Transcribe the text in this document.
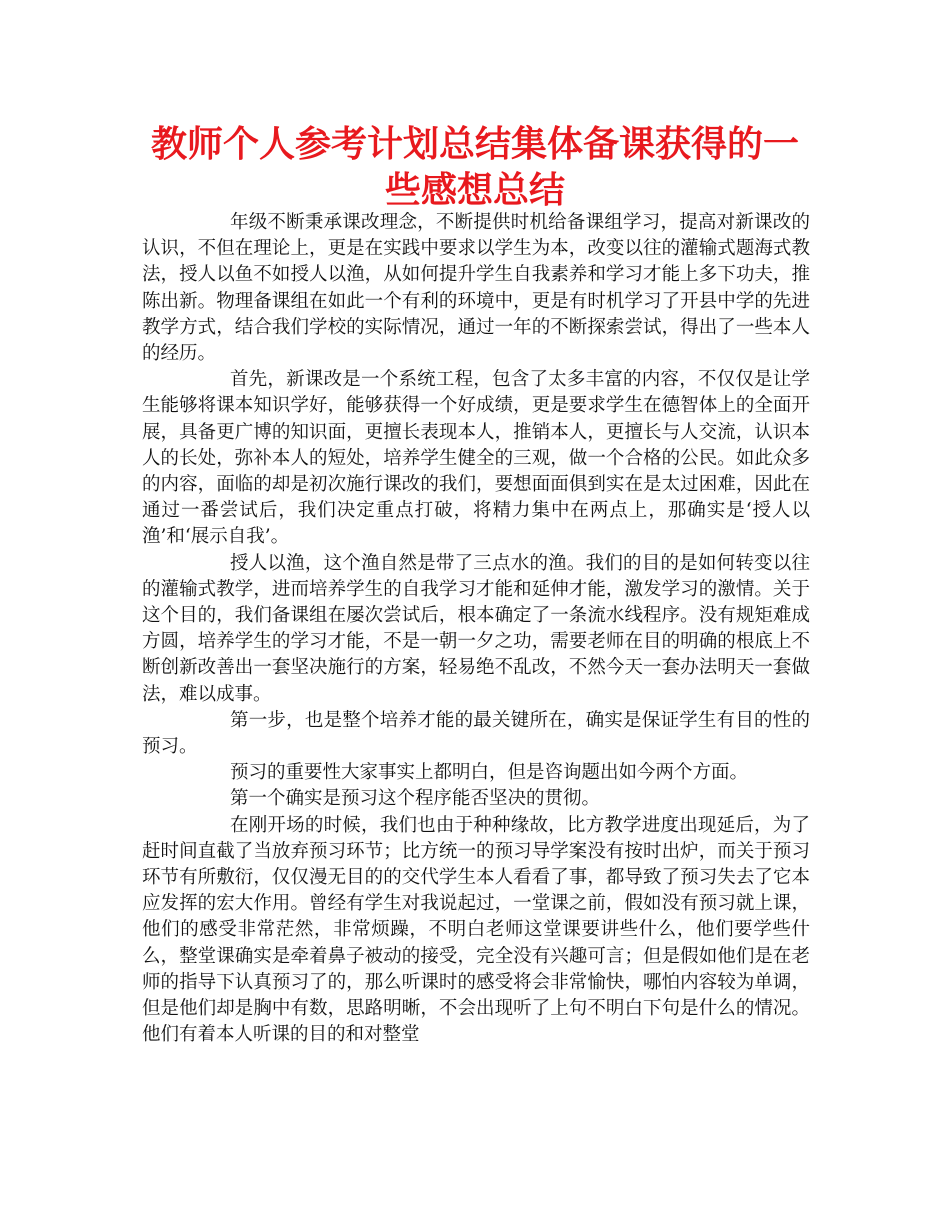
教师个人参考计划总结集体备课获得的一些感想总结

年级不断秉承课改理念，不断提供时机给备课组学习，提高对新课改的认识，不但在理论上，更是在实践中要求以学生为本，改变以往的灌输式题海式教法，授人以鱼不如授人以渔，从如何提升学生自我素养和学习才能上多下功夫，推陈出新。物理备课组在如此一个有利的环境中，更是有时机学习了开县中学的先进教学方式，结合我们学校的实际情况，通过一年的不断探索尝试，得出了一些本人的经历。

首先，新课改是一个系统工程，包含了太多丰富的内容，不仅仅是让学生能够将课本知识学好，能够获得一个好成绩，更是要求学生在德智体上的全面开展，具备更广博的知识面，更擅长表现本人，推销本人，更擅长与人交流，认识本人的长处，弥补本人的短处，培养学生健全的三观，做一个合格的公民。如此众多的内容，面临的却是初次施行课改的我们，要想面面俱到实在是太过困难，因此在通过一番尝试后，我们决定重点打破，将精力集中在两点上，那确实是‘授人以渔’和‘展示自我’。

授人以渔，这个渔自然是带了三点水的渔。我们的目的是如何转变以往的灌输式教学，进而培养学生的自我学习才能和延伸才能，激发学习的激情。关于这个目的，我们备课组在屡次尝试后，根本确定了一条流水线程序。没有规矩难成方圆，培养学生的学习才能，不是一朝一夕之功，需要老师在目的明确的根底上不断创新改善出一套坚决施行的方案，轻易绝不乱改，不然今天一套办法明天一套做法，难以成事。

第一步，也是整个培养才能的最关键所在，确实是保证学生有目的性的预习。

预习的重要性大家事实上都明白，但是咨询题出如今两个方面。

第一个确实是预习这个程序能否坚决的贯彻。

在刚开场的时候，我们也由于种种缘故，比方教学进度出现延后，为了赶时间直截了当放弃预习环节；比方统一的预习导学案没有按时出炉，而关于预习环节有所敷衍，仅仅漫无目的的交代学生本人看看了事，都导致了预习失去了它本应发挥的宏大作用。曾经有学生对我说起过，一堂课之前，假如没有预习就上课，他们的感受非常茫然，非常烦躁，不明白老师这堂课要讲些什么，他们要学些什么，整堂课确实是牵着鼻子被动的接受，完全没有兴趣可言；但是假如他们是在老师的指导下认真预习了的，那么听课时的感受将会非常愉快，哪怕内容较为单调，但是他们却是胸中有数，思路明晰，不会出现听了上句不明白下句是什么的情况。他们有着本人听课的目的和对整堂
